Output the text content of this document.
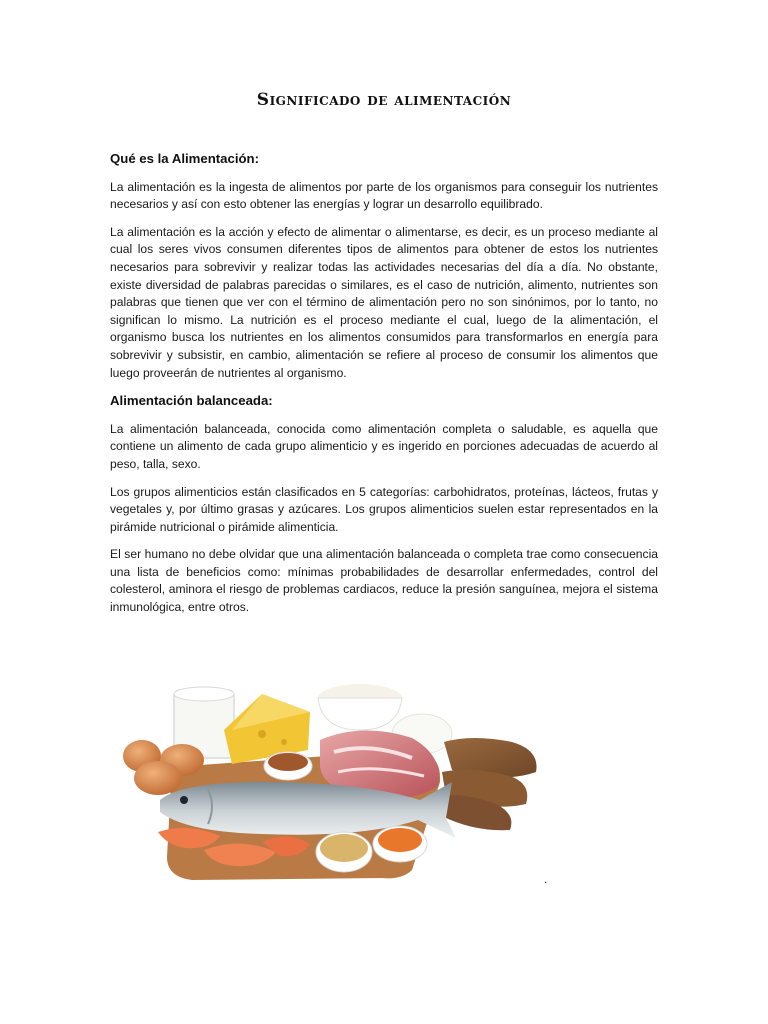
Significado de alimentación
Qué es la Alimentación:

La alimentación es la ingesta de alimentos por parte de los organismos para conseguir los nutrientes necesarios y así con esto obtener las energías y lograr un desarrollo equilibrado.

La alimentación es la acción y efecto de alimentar o alimentarse, es decir, es un proceso mediante al cual los seres vivos consumen diferentes tipos de alimentos para obtener de estos los nutrientes necesarios para sobrevivir y realizar todas las actividades necesarias del día a día. No obstante, existe diversidad de palabras parecidas o similares, es el caso de nutrición, alimento, nutrientes son palabras que tienen que ver con el término de alimentación pero no son sinónimos, por lo tanto, no significan lo mismo. La nutrición es el proceso mediante el cual, luego de la alimentación, el organismo busca los nutrientes en los alimentos consumidos para transformarlos en energía para sobrevivir y subsistir, en cambio, alimentación se refiere al proceso de consumir los alimentos que luego proveerán de nutrientes al organismo.

Alimentación balanceada:

La alimentación balanceada, conocida como alimentación completa o saludable, es aquella que contiene un alimento de cada grupo alimenticio y es ingerido en porciones adecuadas de acuerdo al peso, talla, sexo.

Los grupos alimenticios están clasificados en 5 categorías: carbohidratos, proteínas, lácteos, frutas y vegetales y, por último grasas y azúcares. Los grupos alimenticios suelen estar representados en la pirámide nutricional o pirámide alimenticia.

El ser humano no debe olvidar que una alimentación balanceada o completa trae como consecuencia una lista de beneficios como: mínimas probabilidades de desarrollar enfermedades, control del colesterol, aminora el riesgo de problemas cardiacos, reduce la presión sanguínea, mejora el sistema inmunológica, entre otros.

.
